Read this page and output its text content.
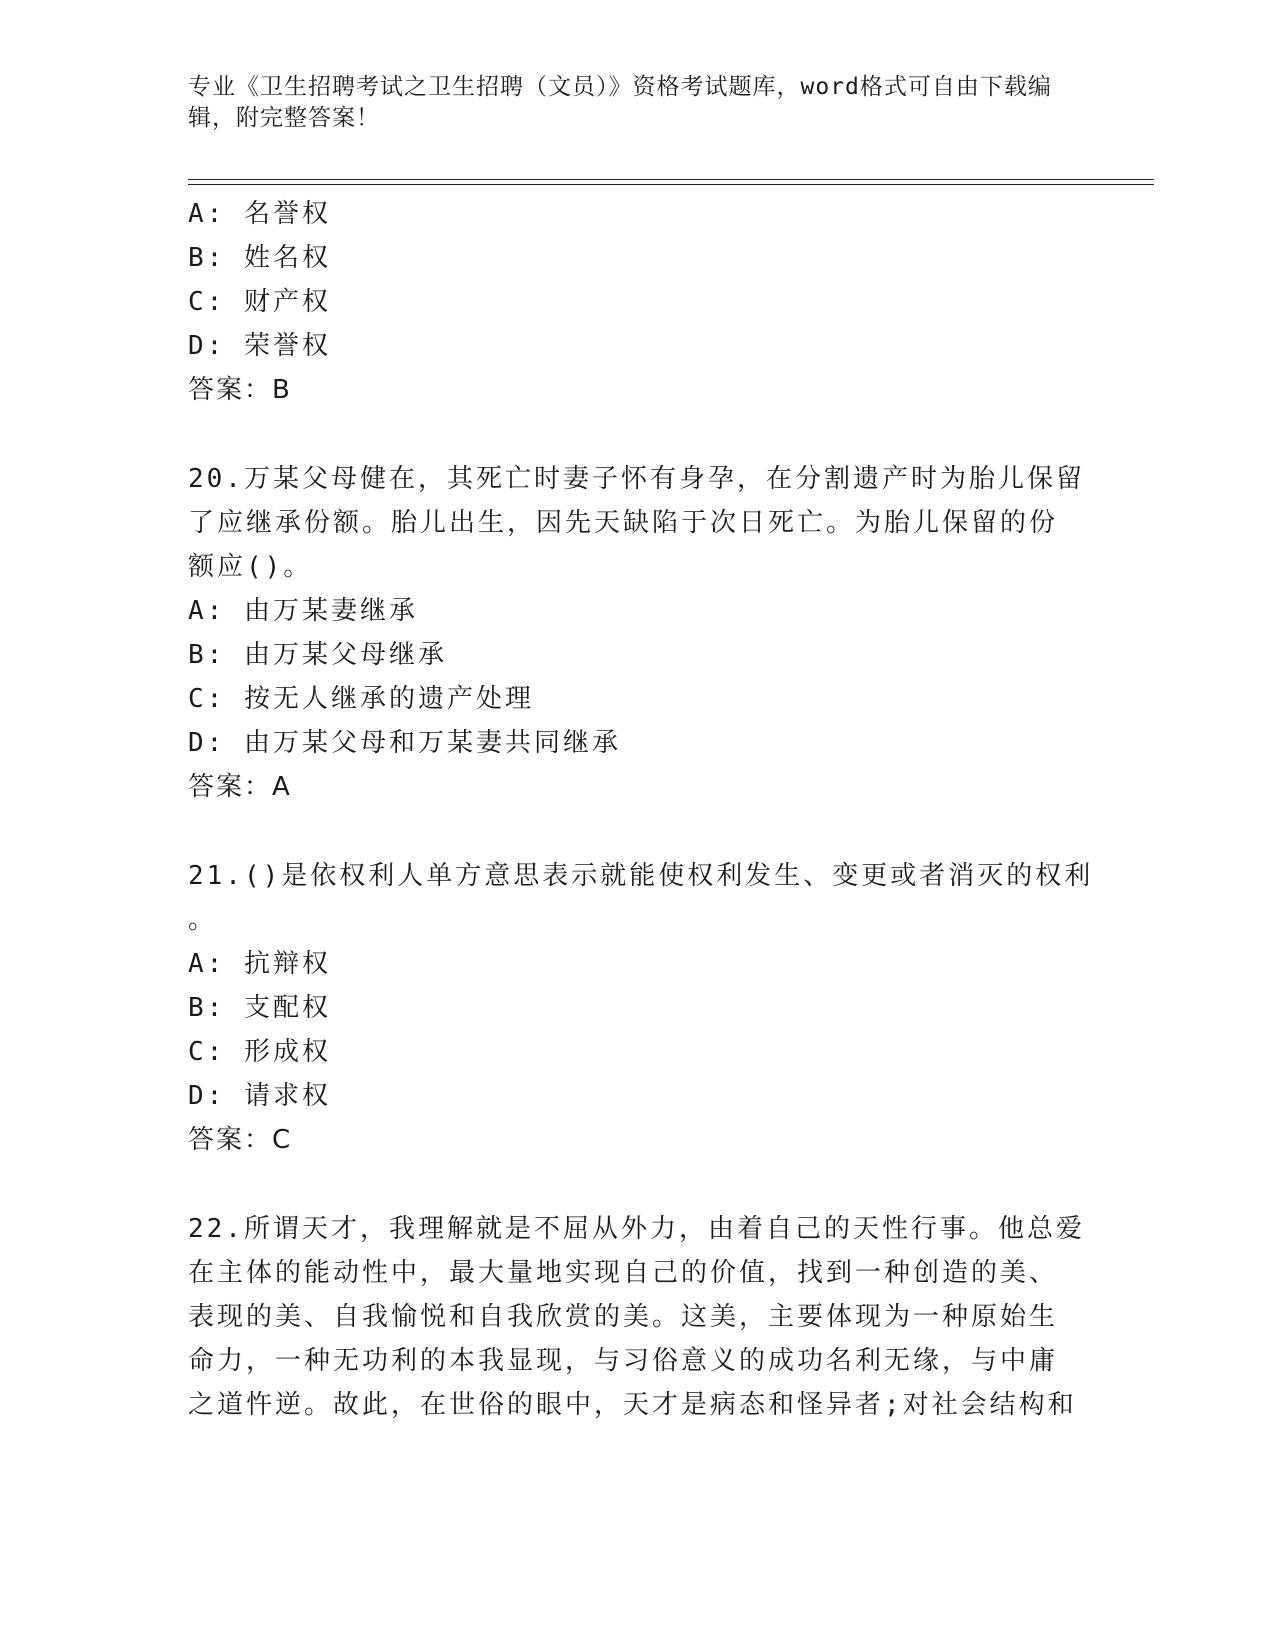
专业《卫生招聘考试之卫生招聘（文员）》资格考试题库，word格式可自由下载编辑，附完整答案！
A: 名誉权
B: 姓名权
C: 财产权
D: 荣誉权
答案：B
20.万某父母健在，其死亡时妻子怀有身孕，在分割遗产时为胎儿保留
了应继承份额。胎儿出生，因先天缺陷于次日死亡。为胎儿保留的份
额应()。
A: 由万某妻继承
B: 由万某父母继承
C: 按无人继承的遗产处理
D: 由万某父母和万某妻共同继承
答案：A
21.()是依权利人单方意思表示就能使权利发生、变更或者消灭的权利
。
A: 抗辩权
B: 支配权
C: 形成权
D: 请求权
答案：C
22.所谓天才，我理解就是不屈从外力，由着自己的天性行事。他总爱
在主体的能动性中，最大量地实现自己的价值，找到一种创造的美、
表现的美、自我愉悦和自我欣赏的美。这美，主要体现为一种原始生
命力，一种无功利的本我显现，与习俗意义的成功名利无缘，与中庸
之道忤逆。故此，在世俗的眼中，天才是病态和怪异者;对社会结构和
